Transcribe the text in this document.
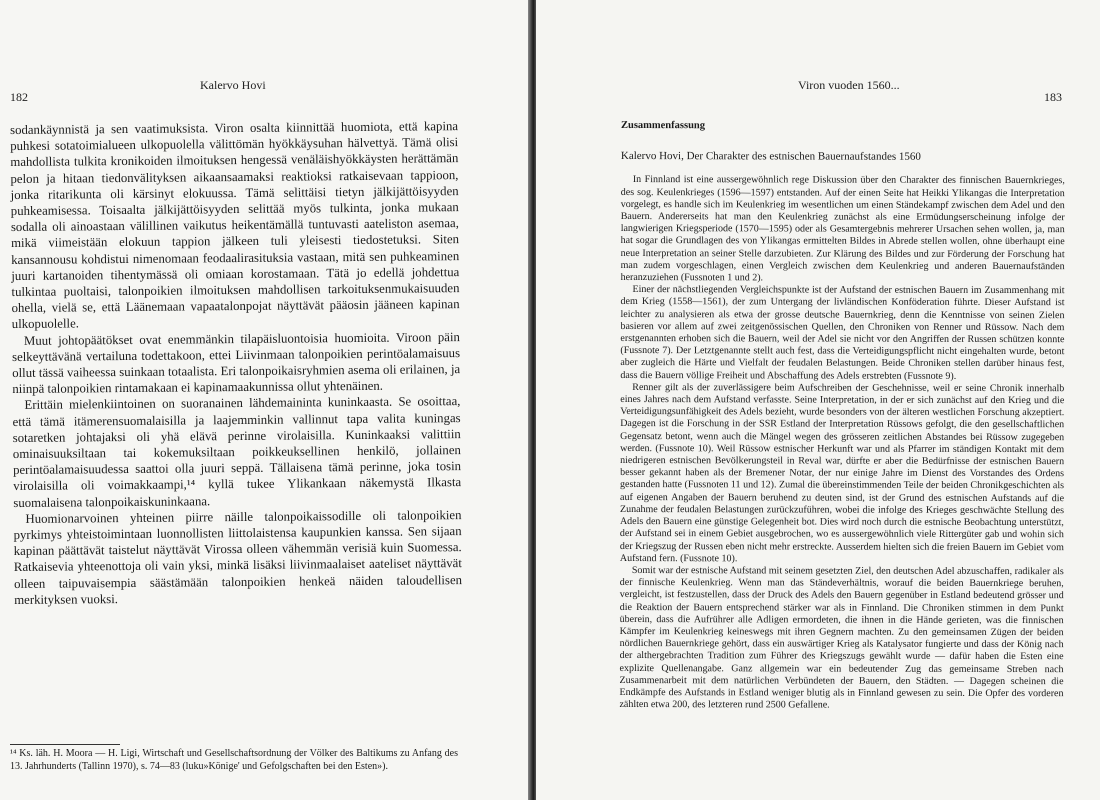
182
Kalervo Hovi

sodankäynnistä ja sen vaatimuksista. Viron osalta kiinnittää huomiota, että kapina puhkesi sotatoimialueen ulkopuolella välittömän hyökkäysuhan hälvettyä. Tämä olisi mahdollista tulkita kronikoiden ilmoituksen hengessä venäläishyökkäysten herättämän pelon ja hitaan tiedonvälityksen aikaansaamaksi reaktioksi ratkaisevaan tappioon, jonka ritarikunta oli kärsinyt elokuussa. Tämä selittäisi tietyn jälkijättöisyyden puhkeamisessa. Toisaalta jälkijättöisyyden selittää myös tulkinta, jonka mukaan sodalla oli ainoastaan välillinen vaikutus heikentämällä tuntuvasti aateliston asemaa, mikä viimeistään elokuun tappion jälkeen tuli yleisesti tiedostetuksi. Siten kansannousu kohdistui nimenomaan feodaalirasituksia vastaan, mitä sen puhkeaminen juuri kartanoiden tihentymässä oli omiaan korostamaan. Tätä jo edellä johdettua tulkintaa puoltaisi, talonpoikien ilmoituksen mahdollisen tarkoituksenmukaisuuden ohella, vielä se, että Läänemaan vapaatalonpojat näyttävät pääosin jääneen kapinan ulkopuolelle.

Muut johtopäätökset ovat enemmänkin tilapäisluontoisia huomioita. Viroon päin selkeyttävänä vertailuna todettakoon, ettei Liivinmaan talonpoikien perintöalamaisuus ollut tässä vaiheessa suinkaan totaalista. Eri talonpoikaisryhmien asema oli erilainen, ja niinpä talonpoikien rintamakaan ei kapinamaakunnissa ollut yhtenäinen.

Erittäin mielenkiintoinen on suoranainen lähdemaininta kuninkaasta. Se osoittaa, että tämä itämerensuomalaisilla ja laajemminkin vallinnut tapa valita kuningas sotaretken johtajaksi oli yhä elävä perinne virolaisilla. Kuninkaaksi valittiin ominaisuuksiltaan tai kokemuksiltaan poikkeuksellinen henkilö, jollainen perintöalamaisuudessa saattoi olla juuri seppä. Tällaisena tämä perinne, joka tosin virolaisilla oli voimakkaampi,¹⁴ kyllä tukee Ylikankaan näkemystä Ilkasta suomalaisena talonpoikaiskuninkaana.

Huomionarvoinen yhteinen piirre näille talonpoikaissodille oli talonpoikien pyrkimys yhteistoimintaan luonnollisten liittolaistensa kaupunkien kanssa. Sen sijaan kapinan päättävät taistelut näyttävät Virossa olleen vähemmän verisiä kuin Suomessa. Ratkaisevia yhteenottoja oli vain yksi, minkä lisäksi liivinmaalaiset aateliset näyttävät olleen taipuvaisempia säästämään talonpoikien henkeä näiden taloudellisen merkityksen vuoksi.

¹⁴ Ks. läh. H. Moora — H. Ligi, Wirtschaft und Gesellschaftsordnung der Völker des Baltikums zu Anfang des 13. Jahrhunderts (Tallinn 1970), s. 74—83 (luku»Könige' und Gefolgschaften bei den Esten»).
Viron vuoden 1560...
183
Zusammenfassung
Kalervo Hovi, Der Charakter des estnischen Bauernaufstandes 1560

In Finnland ist eine aussergewöhnlich rege Diskussion über den Charakter des finnischen Bauernkrieges, des sog. Keulenkrieges (1596—1597) entstanden. Auf der einen Seite hat Heikki Ylikangas die Interpretation vorgelegt, es handle sich im Keulenkrieg im wesentlichen um einen Ständekampf zwischen dem Adel und den Bauern. Andererseits hat man den Keulenkrieg zunächst als eine Ermüdungserscheinung infolge der langwierigen Kriegsperiode (1570—1595) oder als Gesamtergebnis mehrerer Ursachen sehen wollen, ja, man hat sogar die Grundlagen des von Ylikangas ermittelten Bildes in Abrede stellen wollen, ohne überhaupt eine neue Interpretation an seiner Stelle darzubieten. Zur Klärung des Bildes und zur Förderung der Forschung hat man zudem vorgeschlagen, einen Vergleich zwischen dem Keulenkrieg und anderen Bauernaufständen heranzuziehen (Fussnoten 1 und 2).

Einer der nächstliegenden Vergleichspunkte ist der Aufstand der estnischen Bauern im Zusammenhang mit dem Krieg (1558—1561), der zum Untergang der livländischen Konföderation führte. Dieser Aufstand ist leichter zu analysieren als etwa der grosse deutsche Bauernkrieg, denn die Kenntnisse von seinen Zielen basieren vor allem auf zwei zeitgenössischen Quellen, den Chroniken von Renner und Rüssow. Nach dem erstgenannten erhoben sich die Bauern, weil der Adel sie nicht vor den Angriffen der Russen schützen konnte (Fussnote 7). Der Letztgenannte stellt auch fest, dass die Verteidigungspflicht nicht eingehalten wurde, betont aber zugleich die Härte und Vielfalt der feudalen Belastungen. Beide Chroniken stellen darüber hinaus fest, dass die Bauern völlige Freiheit und Abschaffung des Adels erstrebten (Fussnote 9).

Renner gilt als der zuverlässigere beim Aufschreiben der Geschehnisse, weil er seine Chronik innerhalb eines Jahres nach dem Aufstand verfasste. Seine Interpretation, in der er sich zunächst auf den Krieg und die Verteidigungsunfähigkeit des Adels bezieht, wurde besonders von der älteren westlichen Forschung akzeptiert. Dagegen ist die Forschung in der SSR Estland der Interpretation Rüssows gefolgt, die den gesellschaftlichen Gegensatz betont, wenn auch die Mängel wegen des grösseren zeitlichen Abstandes bei Rüssow zugegeben werden. (Fussnote 10). Weil Rüssow estnischer Herkunft war und als Pfarrer im ständigen Kontakt mit dem niedrigeren estnischen Bevölkerungsteil in Reval war, dürfte er aber die Bedürfnisse der estnischen Bauern besser gekannt haben als der Bremener Notar, der nur einige Jahre im Dienst des Vorstandes des Ordens gestanden hatte (Fussnoten 11 und 12). Zumal die übereinstimmenden Teile der beiden Chronikgeschichten als auf eigenen Angaben der Bauern beruhend zu deuten sind, ist der Grund des estnischen Aufstands auf die Zunahme der feudalen Belastungen zurückzuführen, wobei die infolge des Krieges geschwächte Stellung des Adels den Bauern eine günstige Gelegenheit bot. Dies wird noch durch die estnische Beobachtung unterstützt, der Aufstand sei in einem Gebiet ausgebrochen, wo es aussergewöhnlich viele Rittergüter gab und wohin sich der Kriegszug der Russen eben nicht mehr erstreckte. Ausserdem hielten sich die freien Bauern im Gebiet vom Aufstand fern. (Fussnote 10).

Somit war der estnische Aufstand mit seinem gesetzten Ziel, den deutschen Adel abzuschaffen, radikaler als der finnische Keulenkrieg. Wenn man das Ständeverhältnis, worauf die beiden Bauernkriege beruhen, vergleicht, ist festzustellen, dass der Druck des Adels den Bauern gegenüber in Estland bedeutend grösser und die Reaktion der Bauern entsprechend stärker war als in Finnland. Die Chroniken stimmen in dem Punkt überein, dass die Aufrührer alle Adligen ermordeten, die ihnen in die Hände gerieten, was die finnischen Kämpfer im Keulenkrieg keineswegs mit ihren Gegnern machten. Zu den gemeinsamen Zügen der beiden nördlichen Bauernkriege gehört, dass ein auswärtiger Krieg als Katalysator fungierte und dass der König nach der althergebrachten Tradition zum Führer des Kriegszugs gewählt wurde — dafür haben die Esten eine explizite Quellenangabe. Ganz allgemein war ein bedeutender Zug das gemeinsame Streben nach Zusammenarbeit mit dem natürlichen Verbündeten der Bauern, den Städten. — Dagegen scheinen die Endkämpfe des Aufstands in Estland weniger blutig als in Finnland gewesen zu sein. Die Opfer des vorderen zählten etwa 200, des letzteren rund 2500 Gefallene.
